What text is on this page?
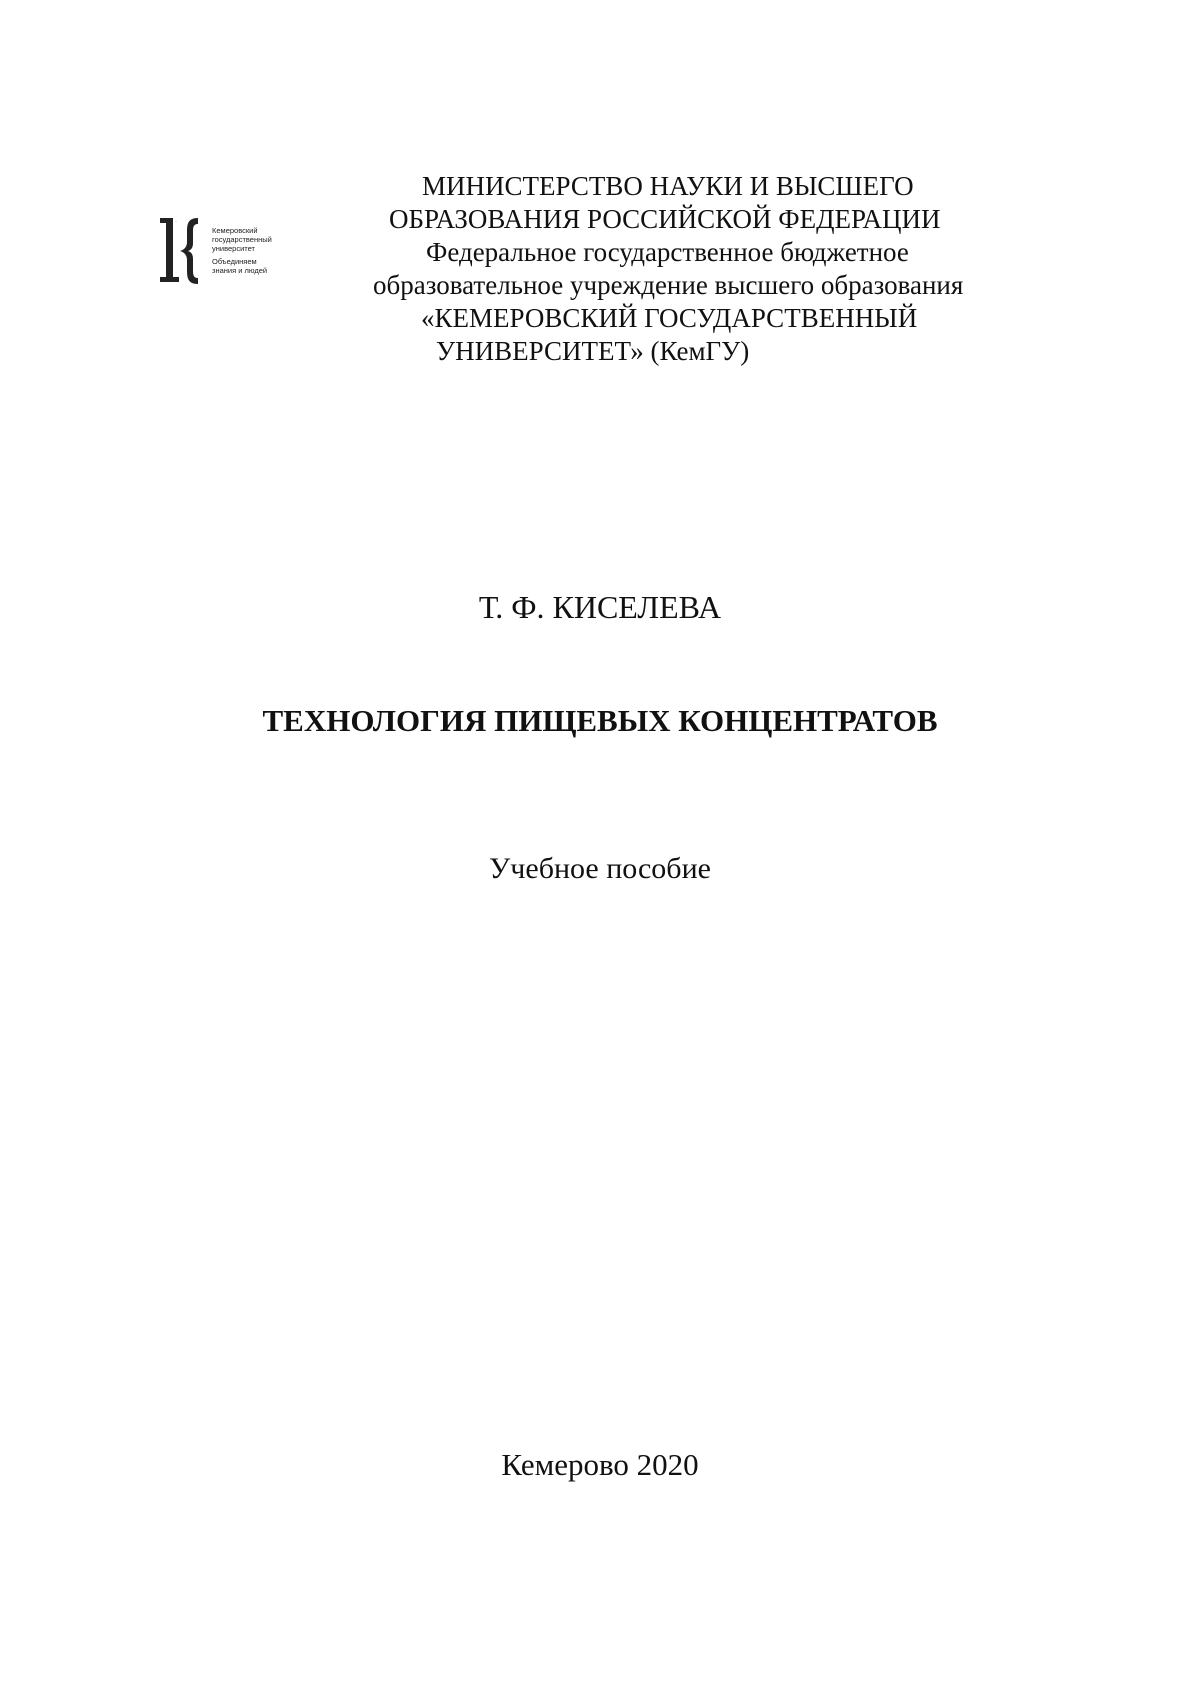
..
Кемеровский
государственный
университет
Объединяем
знания и людей
МИНИСТЕРСТВО НАУКИ И ВЫСШЕГО
ОБРАЗОВАНИЯ РОССИЙСКОЙ ФЕДЕРАЦИИ
Федеральное государственное бюджетное
образовательное учреждение высшего образования
«КЕМЕРОВСКИЙ ГОСУДАРСТВЕННЫЙ
УНИВЕРСИТЕТ» (КемГУ)
Т. Ф. КИСЕЛЕВА
ТЕХНОЛОГИЯ ПИЩЕВЫХ КОНЦЕНТРАТОВ
Учебное пособие
Кемерово 2020
